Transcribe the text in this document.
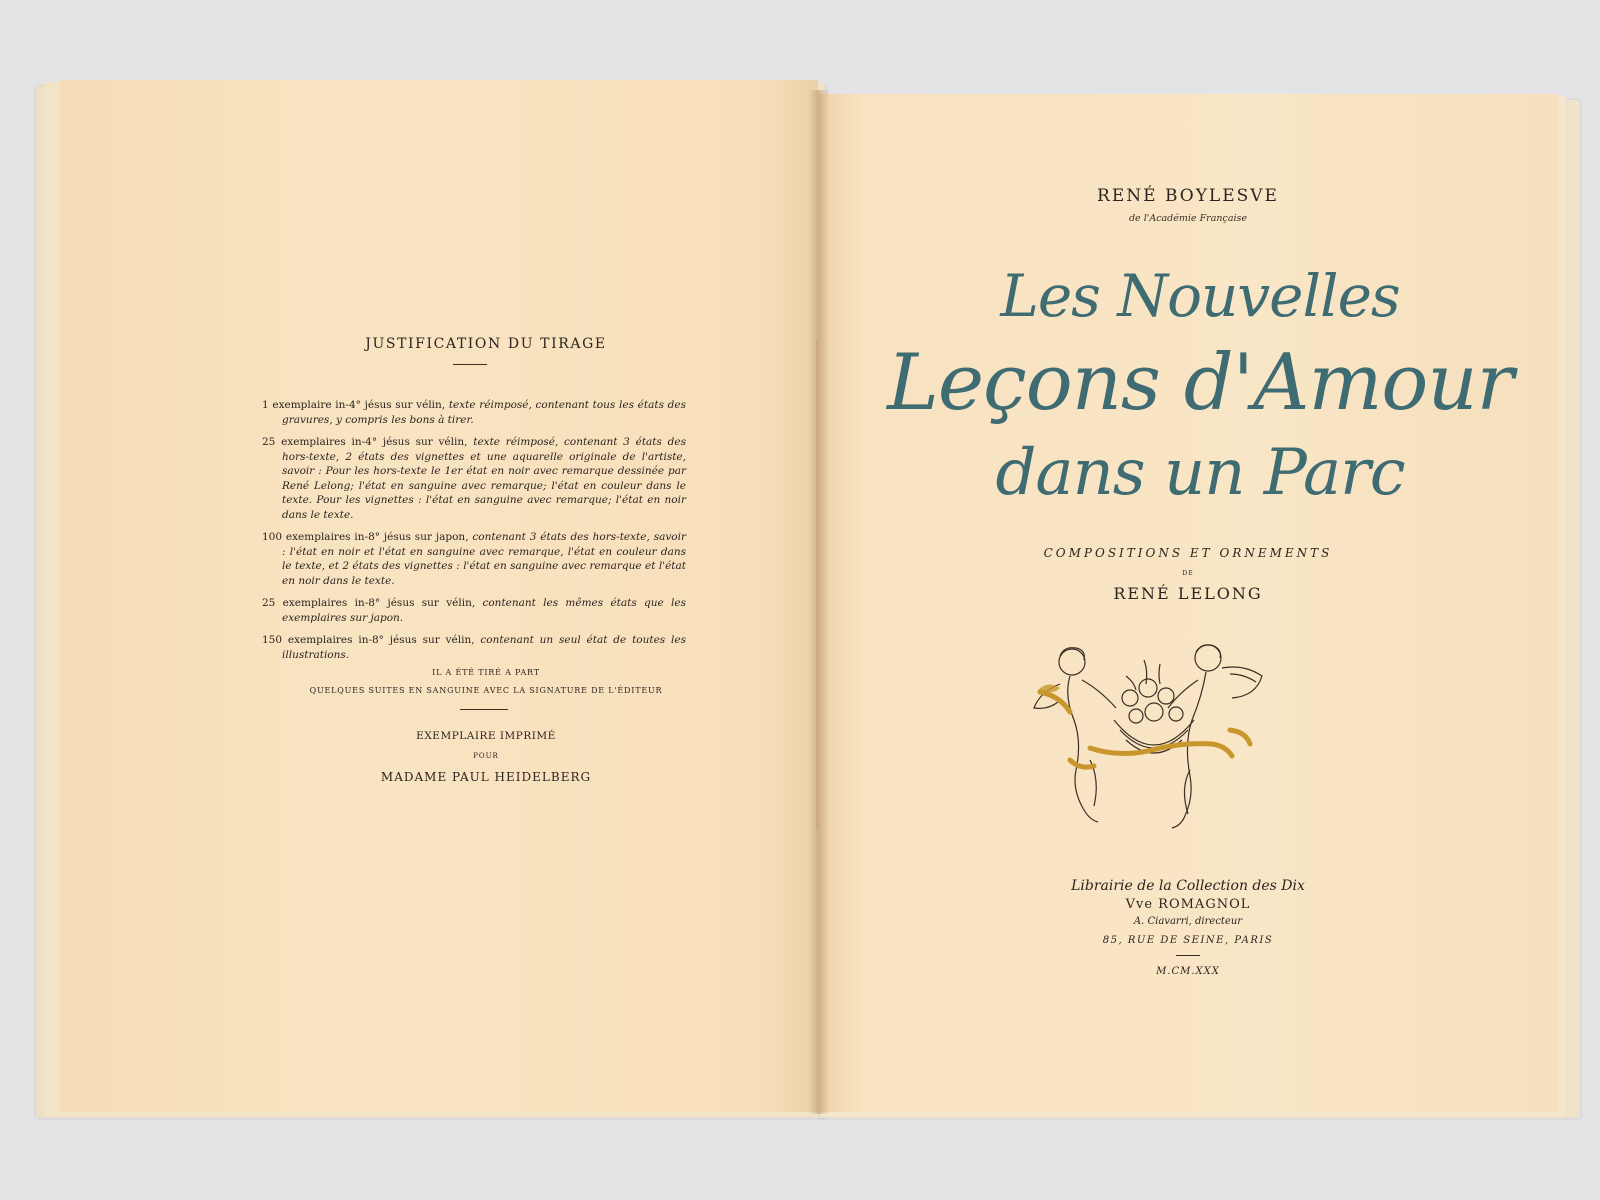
JUSTIFICATION DU TIRAGE
1 exemplaire in-4° jésus sur vélin, texte réimposé, contenant tous les états des gravures, y compris les bons à tirer.
25 exemplaires in-4° jésus sur vélin, texte réimposé, contenant 3 états des hors-texte, 2 états des vignettes et une aquarelle originale de l'artiste, savoir : Pour les hors-texte le 1er état en noir avec remarque dessinée par René Lelong; l'état en sanguine avec remarque; l'état en couleur dans le texte. Pour les vignettes : l'état en sanguine avec remarque; l'état en noir dans le texte.
100 exemplaires in-8° jésus sur japon, contenant 3 états des hors-texte, savoir : l'état en noir et l'état en sanguine avec remarque, l'état en couleur dans le texte, et 2 états des vignettes : l'état en sanguine avec remarque et l'état en noir dans le texte.
25 exemplaires in-8° jésus sur vélin, contenant les mêmes états que les exemplaires sur japon.
150 exemplaires in-8° jésus sur vélin, contenant un seul état de toutes les illustrations.
IL A ÉTÉ TIRÉ A PART
QUELQUES SUITES EN SANGUINE AVEC LA SIGNATURE DE L'ÉDITEUR
EXEMPLAIRE IMPRIMÉ
POUR
MADAME PAUL HEIDELBERG
RENÉ BOYLESVE
de l'Académie Française
Les Nouvelles
Leçons d'Amour
dans un Parc
COMPOSITIONS ET ORNEMENTS
DE
RENÉ LELONG
Librairie de la Collection des Dix
Vve ROMAGNOL
A. Ciavarri, directeur
85, RUE DE SEINE, PARIS
M.CM.XXX
